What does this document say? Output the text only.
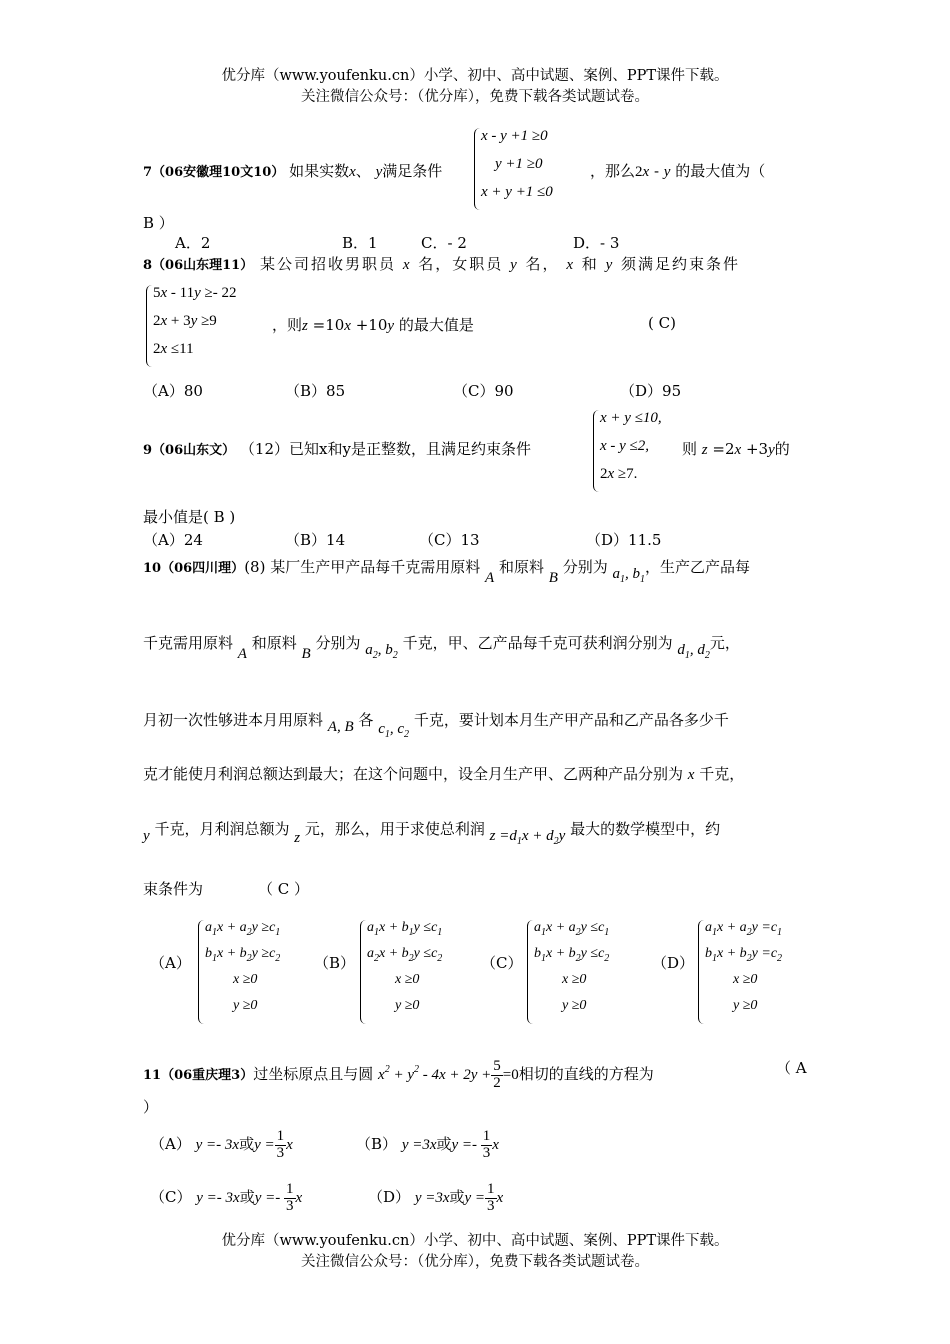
优分库（www.youfenku.cn）小学、初中、高中试题、案例、PPT课件下载。
关注微信公众号：（优分库），免费下载各类试题试卷。
7（06安徽理10文10） 如果实数x、 y满足条件
x - y +1 ≥0
y +1 ≥0
x + y +1 ≤0
，那么2x - y 的最大值为（
B ）
A．2	B．1	C．- 2	D．- 3
8（06山东理11） 某公司招收男职员 x 名，女职员 y 名， x 和 y 须满足约束条件
5x - 11y ≥- 22
2x + 3y ≥9
2x ≤11
，则z =10x +10y 的最大值是	( C)
（A）80	（B）85	（C）90	（D）95
9（06山东文） （12）已知x和y是正整数，且满足约束条件
x + y ≤10,
x - y ≤2,
2x ≥7.
则 z =2x +3y的
最小值是( B )
（A）24	（B）14	（C）13	（D）11.5
10（06四川理）(8) 某厂生产甲产品每千克需用原料 A 和原料 B 分别为 $a_1$, $b_1$，生产乙产品每
千克需用原料 A 和原料 B 分别为 $a_2$, $b_2$ 千克，甲、乙产品每千克可获利润分别为 $d_1$, $d_2$元，
月初一次性够进本月用原料 A, B 各 $c_1$, $c_2$ 千克，要计划本月生产甲产品和乙产品各多少千
克才能使月利润总额达到最大；在这个问题中，设全月生产甲、乙两种产品分别为 x 千克，
y 千克，月利润总额为 z 元，那么，用于求使总利润 $z =d_1x + d_2y$ 最大的数学模型中，约
束条件为	（ C ）
（A）
$a_1x + a_2y \ge c_1$
$b_1x + b_2y \ge c_2$
x ≥0
y ≥0
（B）
$a_1x + b_1y \le c_1$
$a_2x + b_2y \le c_2$
x ≥0
y ≥0
（C）
$a_1x + a_2y \le c_1$
$b_1x + b_2y \le c_2$
x ≥0
y ≥0
（D）
$a_1x + a_2y =c_1$
$b_1x + b_2y =c_2$
x ≥0
y ≥0
11（06重庆理3）过坐标原点且与圆 $x^2 + y^2 - 4x + 2y + \frac{5}{2} =0$相切的直线的方程为	（ A
）
（A） y =- 3x或$y = \frac{1}{3}$ x	（B） y =3x或$y =- \frac{1}{3}$ x
（C） y =- 3x或$y =- \frac{1}{3}$ x	（D） y =3x或$y = \frac{1}{3}$ x
优分库（www.youfenku.cn）小学、初中、高中试题、案例、PPT课件下载。
关注微信公众号：（优分库），免费下载各类试题试卷。
